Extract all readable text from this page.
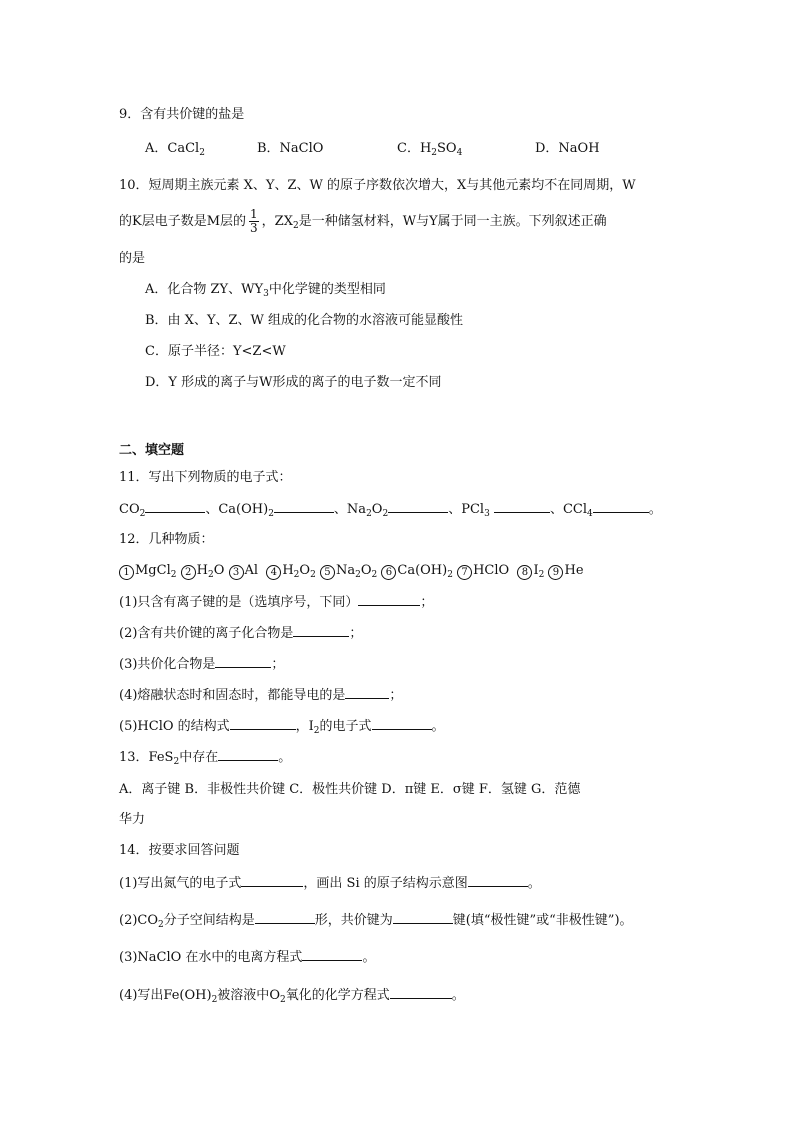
9．含有共价键的盐是
A．CaCl$_2$	B．NaClO	C．$H_2SO_4$	D．NaOH
10．短周期主族元素 X、Y、Z、W 的原子序数依次增大，X与其他元素均不在同周期，W
的K层电子数是M层的 $\frac{1}{3}$ ，$ZX_2$是一种储氢材料，W与Y属于同一主族。下列叙述正确
的是
A．化合物 ZY、$WY_3$中化学键的类型相同
B．由 X、Y、Z、W 组成的化合物的水溶液可能显酸性
C．原子半径：Y<Z<W
D．Y 形成的离子与W形成的离子的电子数一定不同
二、填空题
11．写出下列物质的电子式：
$CO_2$	、$Ca(OH)_2$	、$Na_2O_2$	、PCl$_3$	、CCl$_4$	。
12．几种物质：
1 MgCl$_2$ 2 $H_2O$ 3 Al 4 $H_2O_2$ 5 $Na_2O_2$ 6 $Ca(OH)_2$ 7 HClO 8 $I_2$ 9 He
(1)只含有离子键的是（选填序号，下同）	；
(2)含有共价键的离子化合物是	；
(3)共价化合物是	；
(4)熔融状态时和固态时，都能导电的是	；
(5)HClO 的结构式	，$I_2$的电子式	。
13．FeS$_2$中存在	。
A．离子键 B．非极性共价键 C．极性共价键 D．π键 E．σ键 F．氢键 G．范德
华力
14．按要求回答问题
(1)写出氮气的电子式	，画出 Si 的原子结构示意图	。
$(2)CO_2$分子空间结构是	形，共价键为	键(填“极性键”或“非极性键”)。
(3)NaClO 在水中的电离方程式	。
(4)写出$Fe(OH)_2$被溶液中$O_2$氧化的化学方程式	。
